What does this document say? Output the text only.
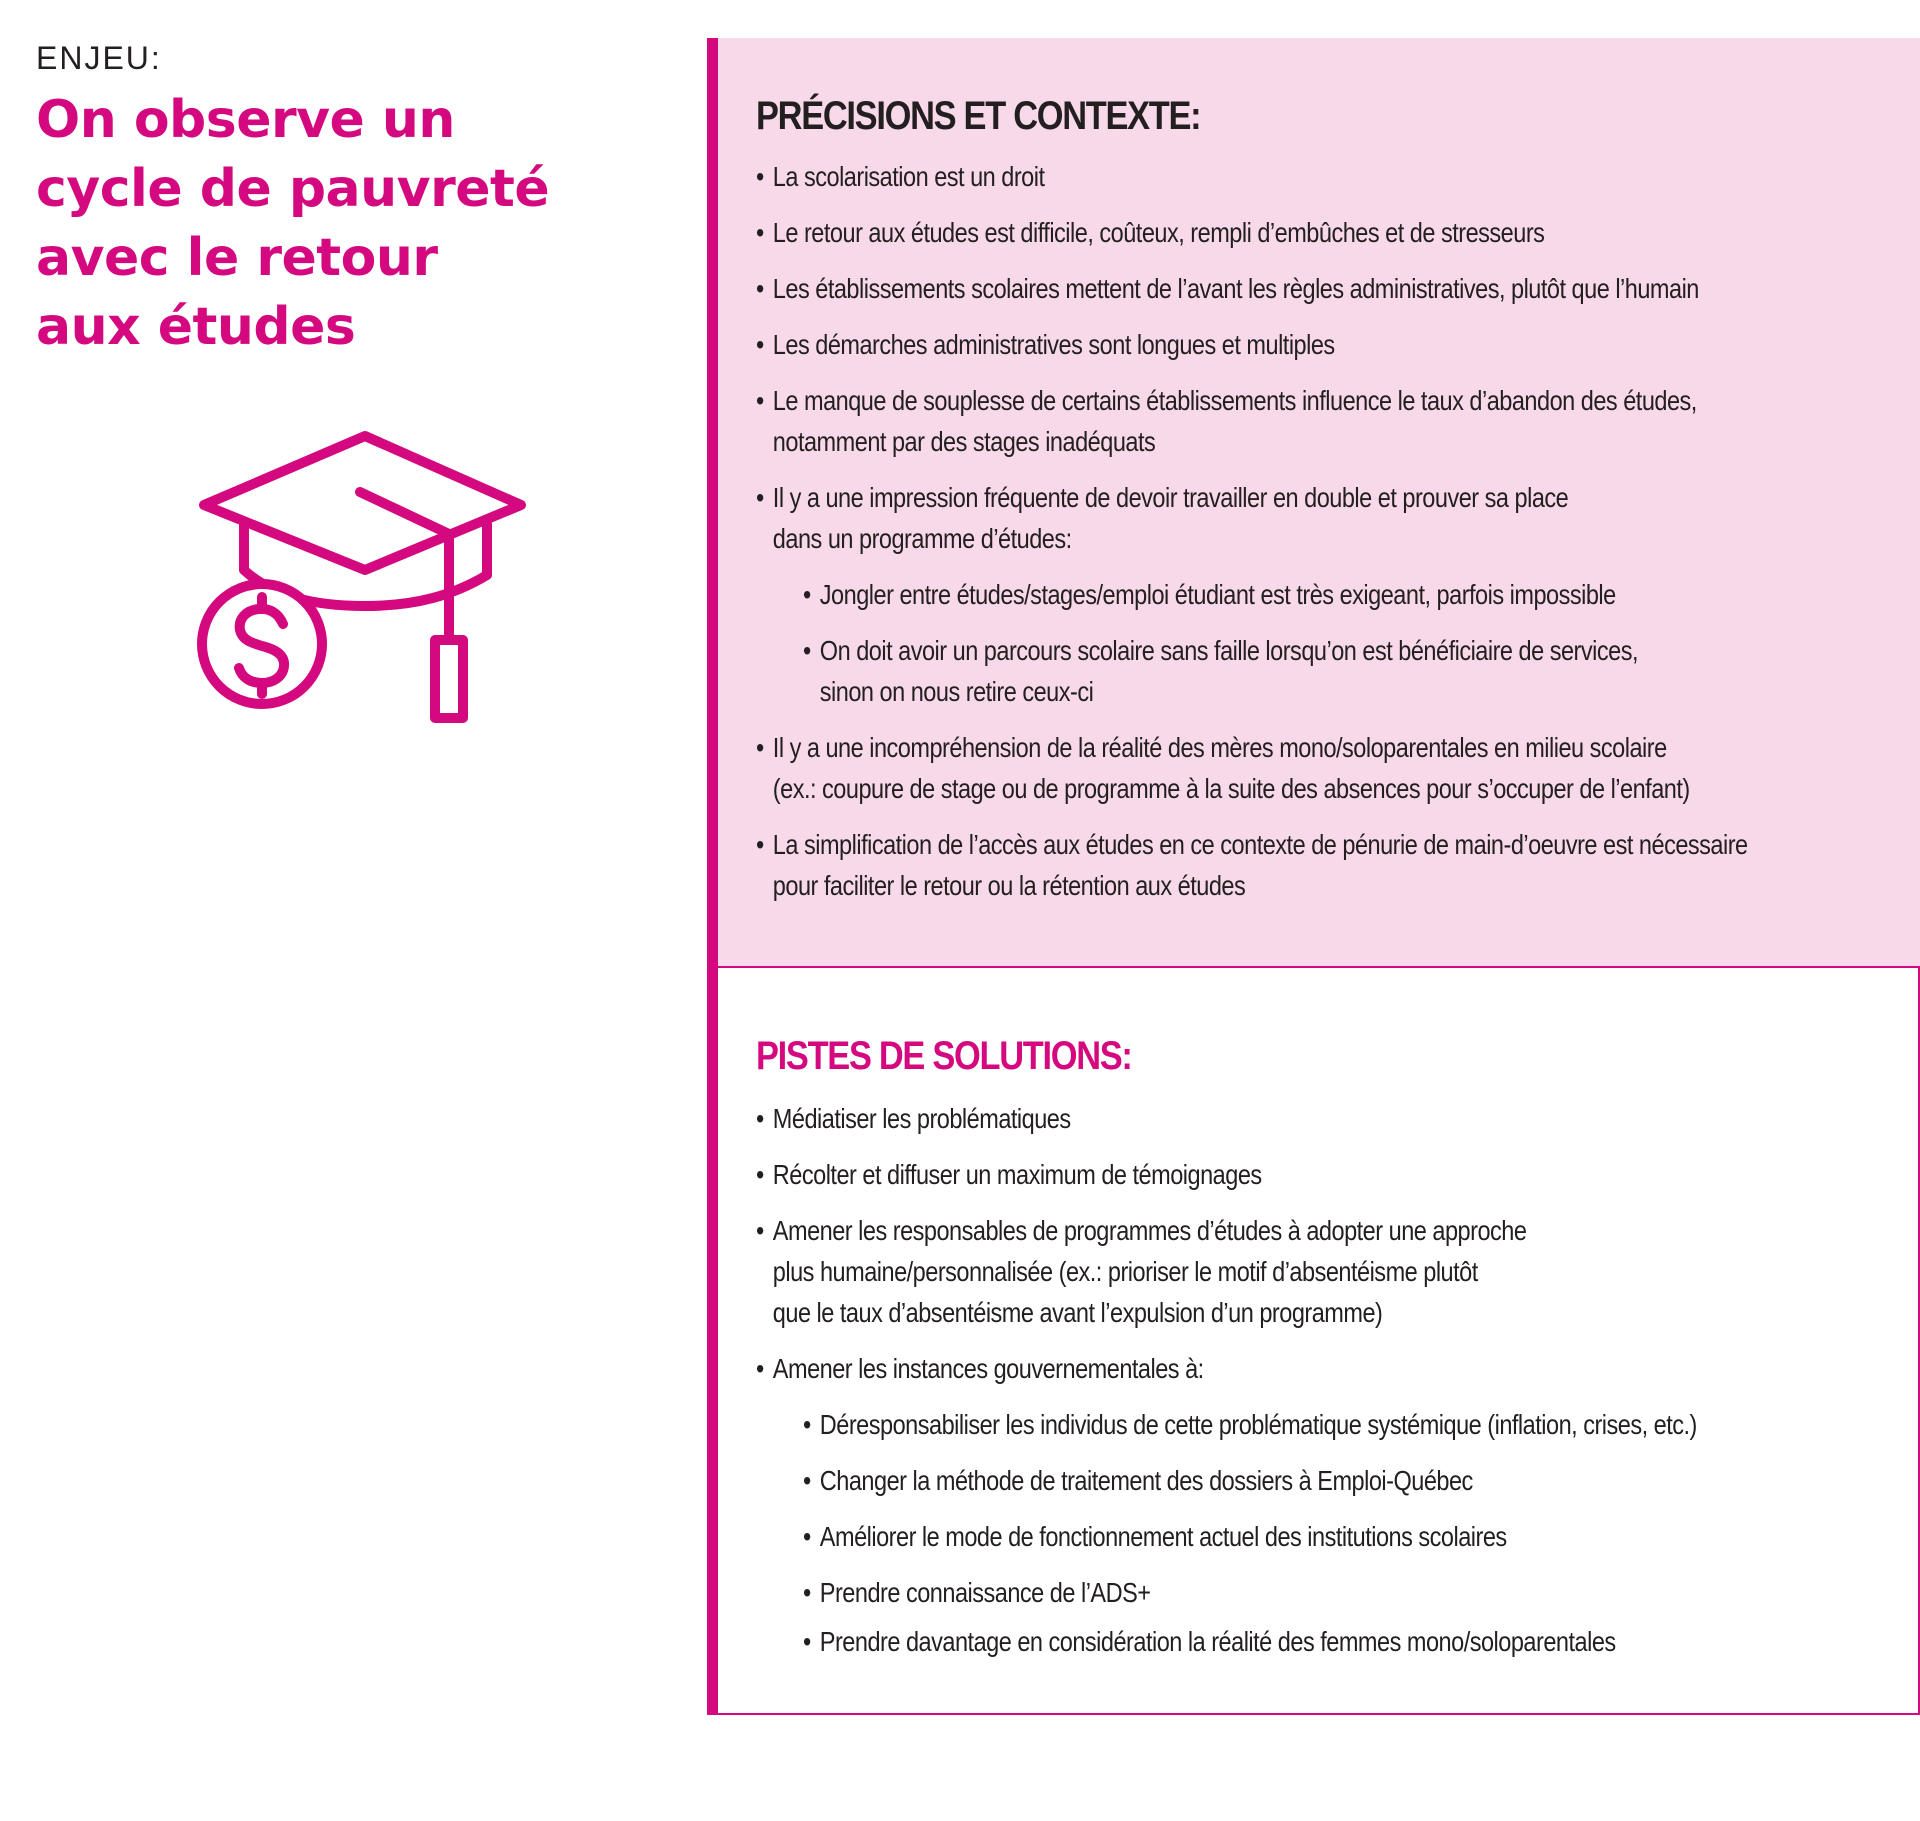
ENJEU:

On observe un
cycle de pauvreté
avec le retour
aux études
PRÉCISIONS ET CONTEXTE:
• La scolarisation est un droit
• Le retour aux études est difficile, coûteux, rempli d’embûches et de stresseurs
• Les établissements scolaires mettent de l’avant les règles administratives, plutôt que l’humain
• Les démarches administratives sont longues et multiples
• Le manque de souplesse de certains établissements influence le taux d’abandon des études,
notamment par des stages inadéquats
• Il y a une impression fréquente de devoir travailler en double et prouver sa place
dans un programme d’études:
• Jongler entre études/stages/emploi étudiant est très exigeant, parfois impossible
• On doit avoir un parcours scolaire sans faille lorsqu’on est bénéficiaire de services,
sinon on nous retire ceux-ci
• Il y a une incompréhension de la réalité des mères mono/soloparentales en milieu scolaire
(ex.: coupure de stage ou de programme à la suite des absences pour s’occuper de l’enfant)
• La simplification de l’accès aux études en ce contexte de pénurie de main-d’oeuvre est nécessaire
pour faciliter le retour ou la rétention aux études
PISTES DE SOLUTIONS:
• Médiatiser les problématiques
• Récolter et diffuser un maximum de témoignages
• Amener les responsables de programmes d’études à adopter une approche
plus humaine/personnalisée (ex.: prioriser le motif d’absentéisme plutôt
que le taux d’absentéisme avant l’expulsion d’un programme)
• Amener les instances gouvernementales à:
• Déresponsabiliser les individus de cette problématique systémique (inflation, crises, etc.)
• Changer la méthode de traitement des dossiers à Emploi-Québec
• Améliorer le mode de fonctionnement actuel des institutions scolaires
• Prendre connaissance de l’ADS+
• Prendre davantage en considération la réalité des femmes mono/soloparentales
